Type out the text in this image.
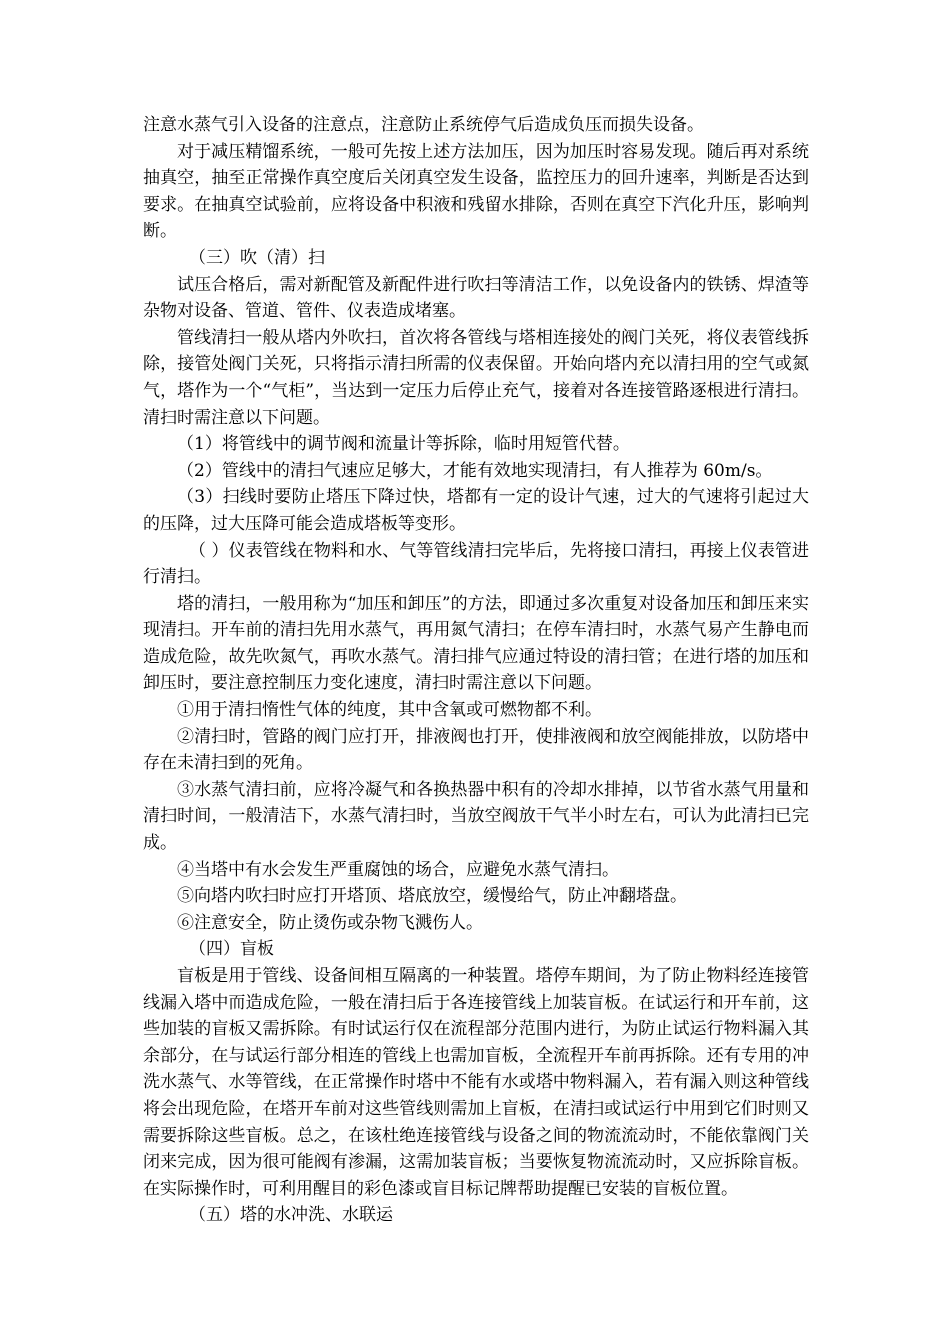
注意水蒸气引入设备的注意点，注意防止系统停气后造成负压而损失设备。

对于减压精馏系统，一般可先按上述方法加压，因为加压时容易发现。随后再对系统抽真空，抽至正常操作真空度后关闭真空发生设备，监控压力的回升速率，判断是否达到要求。在抽真空试验前，应将设备中积液和残留水排除，否则在真空下汽化升压，影响判断。

（三）吹（清）扫

试压合格后，需对新配管及新配件进行吹扫等清洁工作，以免设备内的铁锈、焊渣等杂物对设备、管道、管件、仪表造成堵塞。

管线清扫一般从塔内外吹扫，首次将各管线与塔相连接处的阀门关死，将仪表管线拆除，接管处阀门关死，只将指示清扫所需的仪表保留。开始向塔内充以清扫用的空气或氮气，塔作为一个“气柜”，当达到一定压力后停止充气，接着对各连接管路逐根进行清扫。清扫时需注意以下问题。

（1）将管线中的调节阀和流量计等拆除，临时用短管代替。

（2）管线中的清扫气速应足够大，才能有效地实现清扫，有人推荐为 60m/s。

（3）扫线时要防止塔压下降过快，塔都有一定的设计气速，过大的气速将引起过大的压降，过大压降可能会造成塔板等变形。

（ ）仪表管线在物料和水、气等管线清扫完毕后，先将接口清扫，再接上仪表管进行清扫。

塔的清扫，一般用称为“加压和卸压”的方法，即通过多次重复对设备加压和卸压来实现清扫。开车前的清扫先用水蒸气，再用氮气清扫；在停车清扫时，水蒸气易产生静电而造成危险，故先吹氮气，再吹水蒸气。清扫排气应通过特设的清扫管；在进行塔的加压和卸压时，要注意控制压力变化速度，清扫时需注意以下问题。

①用于清扫惰性气体的纯度，其中含氧或可燃物都不利。

②清扫时，管路的阀门应打开，排液阀也打开，使排液阀和放空阀能排放，以防塔中存在未清扫到的死角。

③水蒸气清扫前，应将冷凝气和各换热器中积有的冷却水排掉，以节省水蒸气用量和清扫时间，一般清洁下，水蒸气清扫时，当放空阀放干气半小时左右，可认为此清扫已完成。

④当塔中有水会发生严重腐蚀的场合，应避免水蒸气清扫。

⑤向塔内吹扫时应打开塔顶、塔底放空，缓慢给气，防止冲翻塔盘。

⑥注意安全，防止烫伤或杂物飞溅伤人。

（四）盲板

盲板是用于管线、设备间相互隔离的一种装置。塔停车期间，为了防止物料经连接管线漏入塔中而造成危险，一般在清扫后于各连接管线上加装盲板。在试运行和开车前，这些加装的盲板又需拆除。有时试运行仅在流程部分范围内进行，为防止试运行物料漏入其余部分，在与试运行部分相连的管线上也需加盲板，全流程开车前再拆除。还有专用的冲洗水蒸气、水等管线，在正常操作时塔中不能有水或塔中物料漏入，若有漏入则这种管线将会出现危险，在塔开车前对这些管线则需加上盲板，在清扫或试运行中用到它们时则又需要拆除这些盲板。总之，在该杜绝连接管线与设备之间的物流流动时，不能依靠阀门关闭来完成，因为很可能阀有渗漏，这需加装盲板；当要恢复物流流动时，又应拆除盲板。在实际操作时，可利用醒目的彩色漆或盲目标记牌帮助提醒已安装的盲板位置。

（五）塔的水冲洗、水联运
